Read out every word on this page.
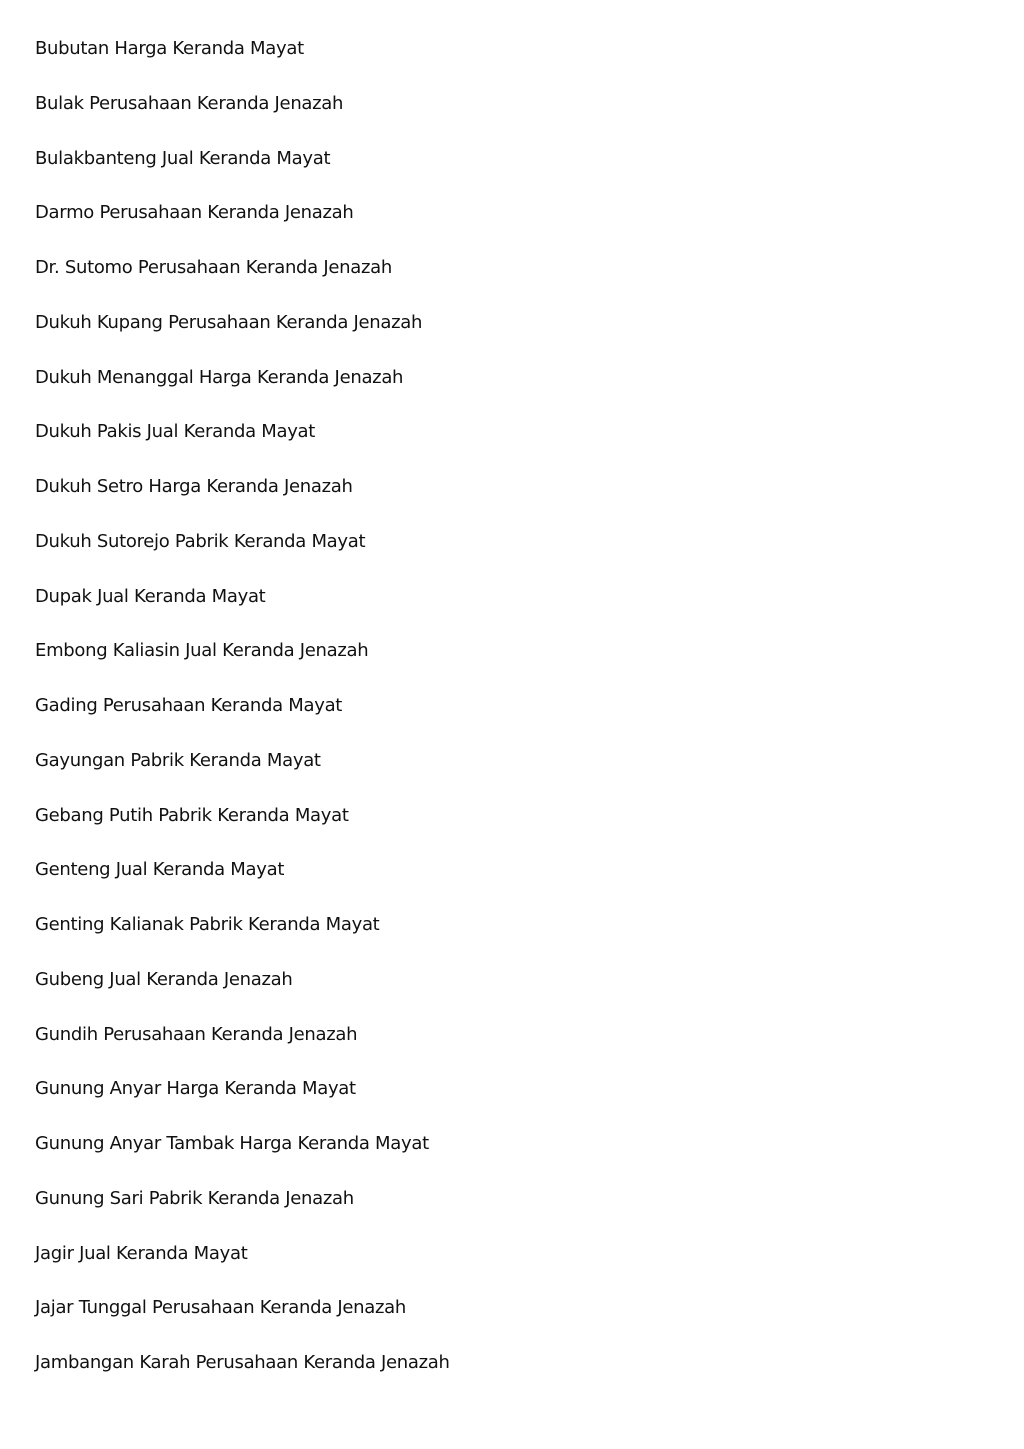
Bubutan Harga Keranda Mayat
Bulak Perusahaan Keranda Jenazah
Bulakbanteng Jual Keranda Mayat
Darmo Perusahaan Keranda Jenazah
Dr. Sutomo Perusahaan Keranda Jenazah
Dukuh Kupang Perusahaan Keranda Jenazah
Dukuh Menanggal Harga Keranda Jenazah
Dukuh Pakis Jual Keranda Mayat
Dukuh Setro Harga Keranda Jenazah
Dukuh Sutorejo Pabrik Keranda Mayat
Dupak Jual Keranda Mayat
Embong Kaliasin Jual Keranda Jenazah
Gading Perusahaan Keranda Mayat
Gayungan Pabrik Keranda Mayat
Gebang Putih Pabrik Keranda Mayat
Genteng Jual Keranda Mayat
Genting Kalianak Pabrik Keranda Mayat
Gubeng Jual Keranda Jenazah
Gundih Perusahaan Keranda Jenazah
Gunung Anyar Harga Keranda Mayat
Gunung Anyar Tambak Harga Keranda Mayat
Gunung Sari Pabrik Keranda Jenazah
Jagir Jual Keranda Mayat
Jajar Tunggal Perusahaan Keranda Jenazah
Jambangan Karah Perusahaan Keranda Jenazah
